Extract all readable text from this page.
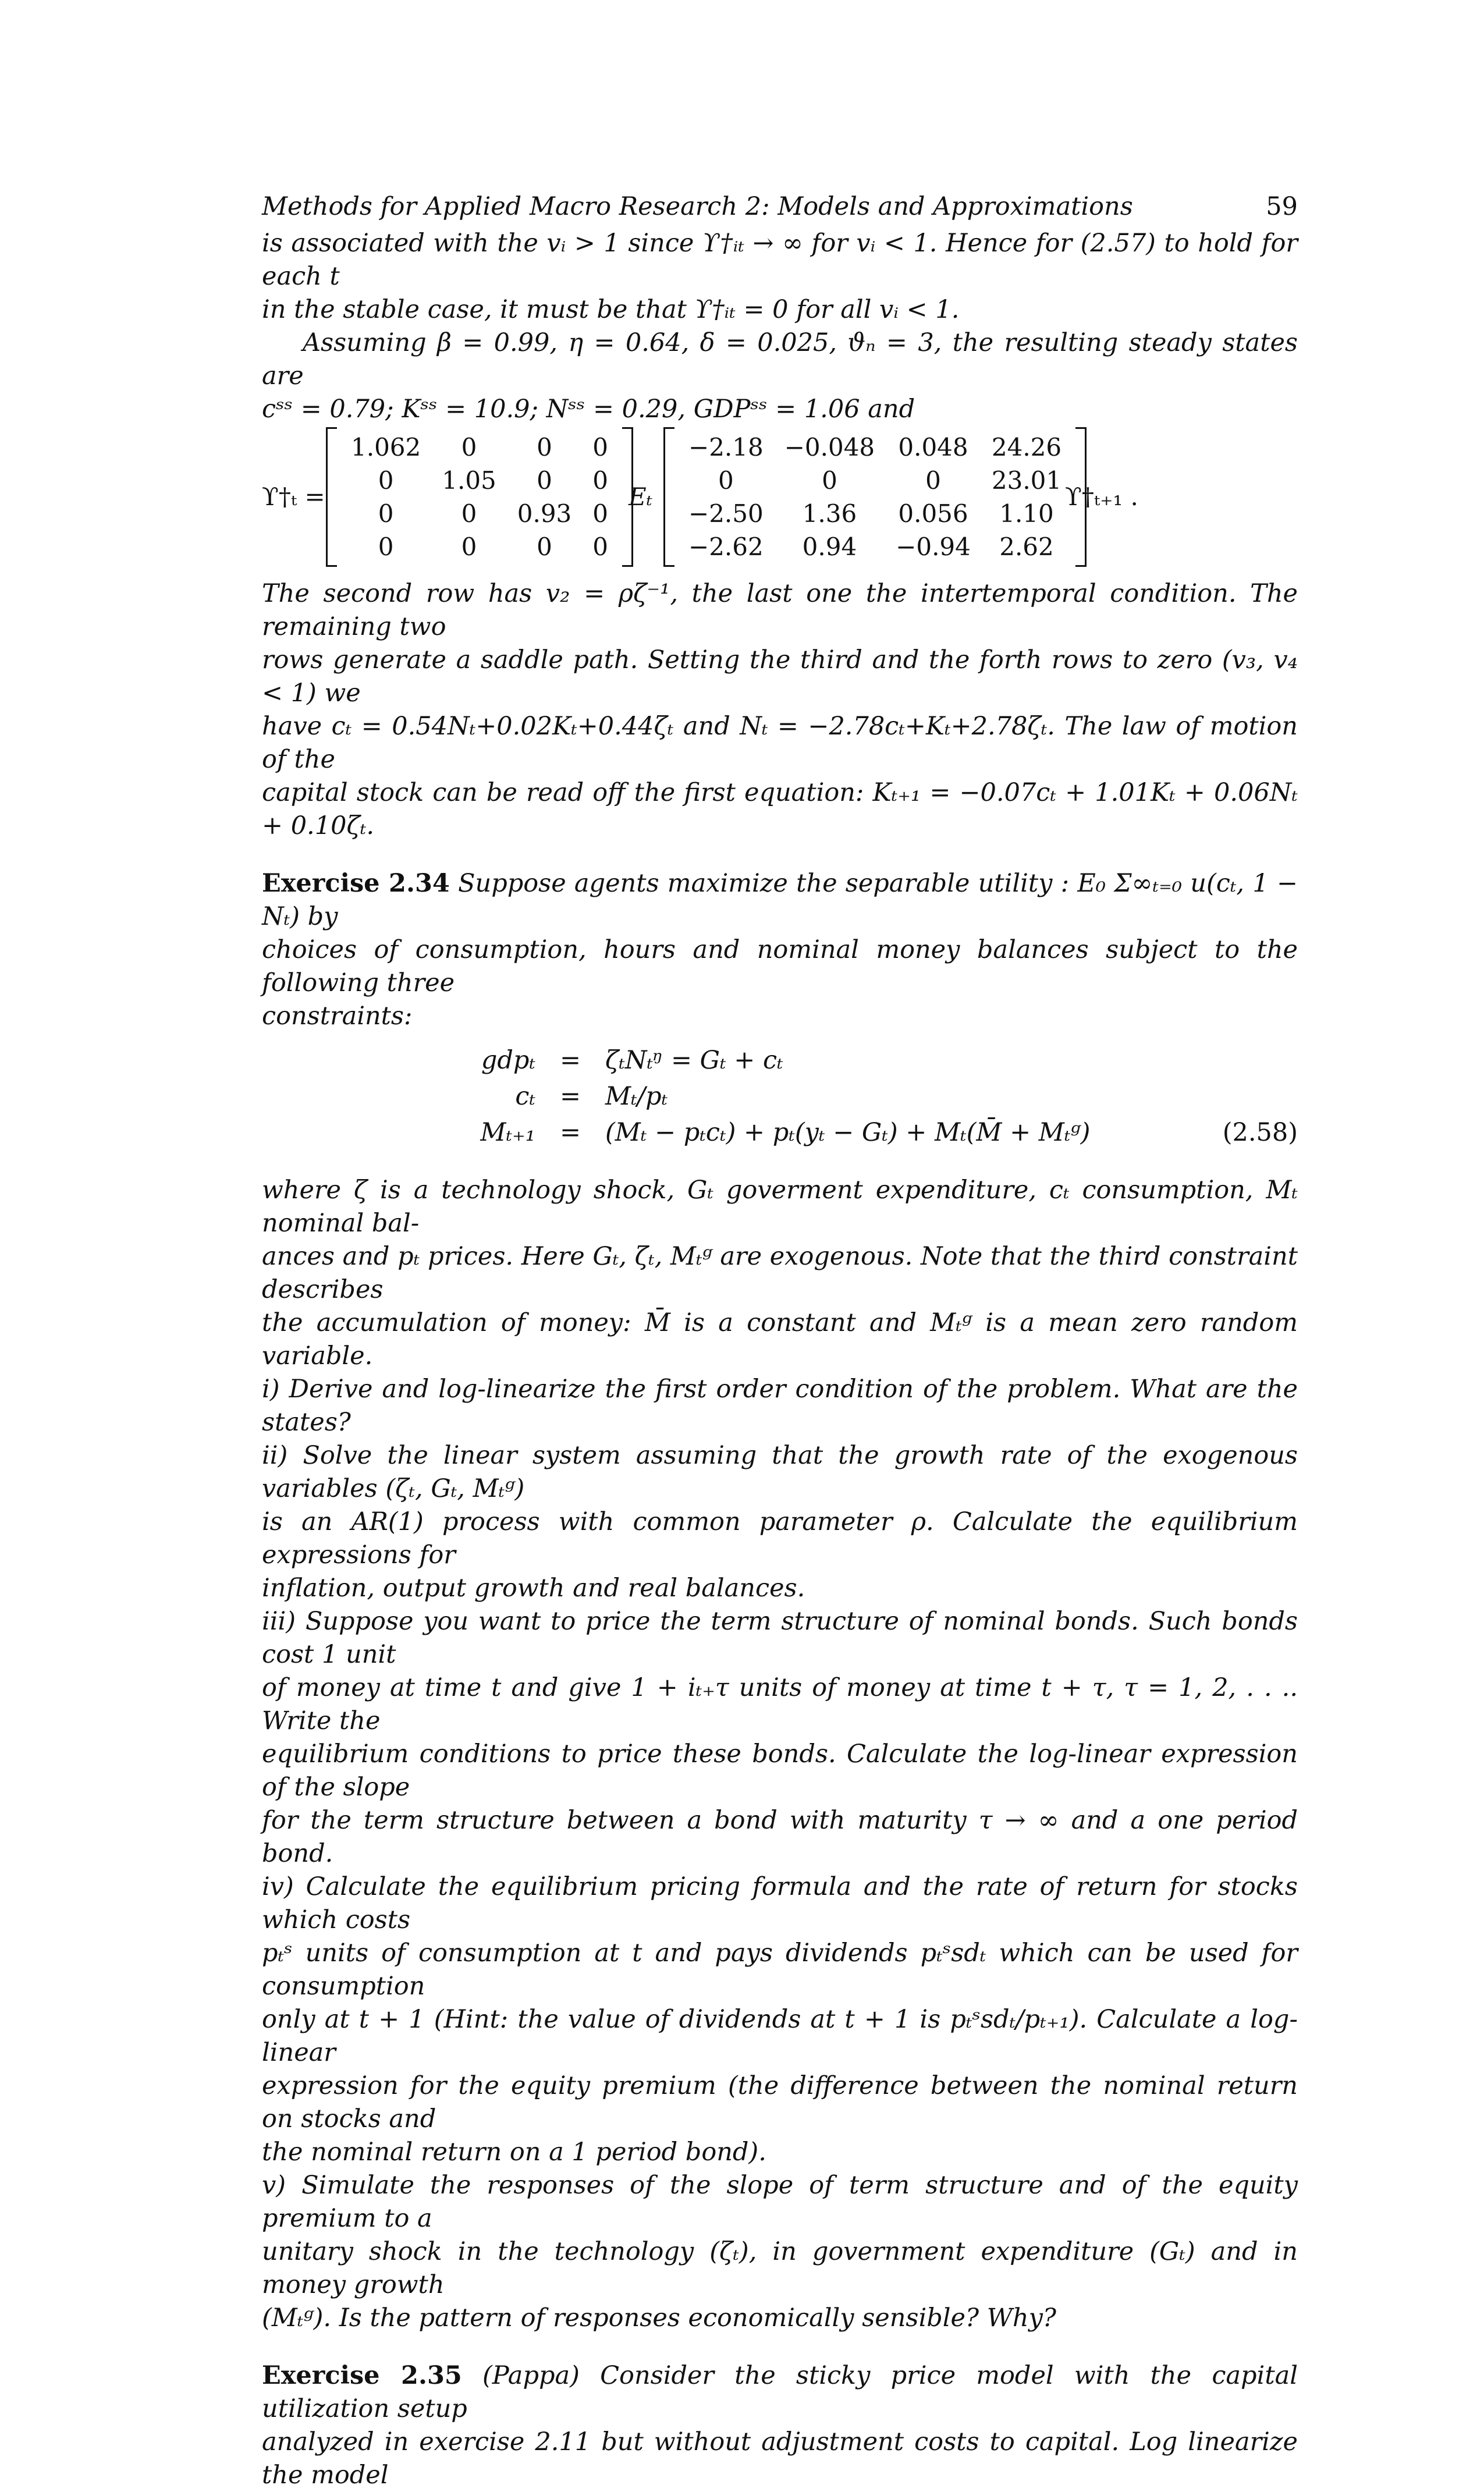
Methods for Applied Macro Research 2: Models and Approximations	59

is associated with the vᵢ > 1 since ϒ†ᵢₜ → ∞ for vᵢ < 1. Hence for (2.57) to hold for each t

in the stable case, it must be that ϒ†ᵢₜ = 0 for all vᵢ < 1.

Assuming β = 0.99, η = 0.64, δ = 0.025, ϑₙ = 3, the resulting steady states are

cˢˢ = 0.79; Kˢˢ = 10.9; Nˢˢ = 0.29, GDPˢˢ = 1.06 and

ϒ†ₜ =
1.062	0	0	0
0	1.05	0	0
0	0	0.93	0
0	0	0	0
Eₜ
−2.18	−0.048	0.048	24.26
0	0	0	23.01
−2.50	1.36	0.056	1.10
−2.62	0.94	−0.94	2.62
ϒ†ₜ₊₁ .

The second row has v₂ = ρζ⁻¹, the last one the intertemporal condition. The remaining two

rows generate a saddle path. Setting the third and the forth rows to zero (v₃, v₄ < 1) we

have cₜ = 0.54Nₜ+0.02Kₜ+0.44ζₜ and Nₜ = −2.78cₜ+Kₜ+2.78ζₜ. The law of motion of the

capital stock can be read off the first equation: Kₜ₊₁ = −0.07cₜ + 1.01Kₜ + 0.06Nₜ + 0.10ζₜ.

Exercise 2.34 Suppose agents maximize the separable utility : E₀ Σ∞ₜ₌₀ u(cₜ, 1 − Nₜ) by

choices of consumption, hours and nominal money balances subject to the following three

constraints:

gdpₜ = ζₜNₜᵑ = Gₜ + cₜ
cₜ = Mₜ/pₜ
Mₜ₊₁ = (Mₜ − pₜcₜ) + pₜ(yₜ − Gₜ) + Mₜ(M̄ + Mₜᵍ)	(2.58)

where ζ is a technology shock, Gₜ goverment expenditure, cₜ consumption, Mₜ nominal bal-

ances and pₜ prices. Here Gₜ, ζₜ, Mₜᵍ are exogenous. Note that the third constraint describes

the accumulation of money: M̄ is a constant and Mₜᵍ is a mean zero random variable.

i) Derive and log-linearize the first order condition of the problem. What are the states?

ii) Solve the linear system assuming that the growth rate of the exogenous variables (ζₜ, Gₜ, Mₜᵍ)

is an AR(1) process with common parameter ρ. Calculate the equilibrium expressions for

inflation, output growth and real balances.

iii) Suppose you want to price the term structure of nominal bonds. Such bonds cost 1 unit

of money at time t and give 1 + iₜ₊τ units of money at time t + τ, τ = 1, 2, . . .. Write the

equilibrium conditions to price these bonds. Calculate the log-linear expression of the slope

for the term structure between a bond with maturity τ → ∞ and a one period bond.

iv) Calculate the equilibrium pricing formula and the rate of return for stocks which costs

pₜˢ units of consumption at t and pays dividends pₜˢsdₜ which can be used for consumption

only at t + 1 (Hint: the value of dividends at t + 1 is pₜˢsdₜ/pₜ₊₁). Calculate a log-linear

expression for the equity premium (the difference between the nominal return on stocks and

the nominal return on a 1 period bond).

v) Simulate the responses of the slope of term structure and of the equity premium to a

unitary shock in the technology (ζₜ), in government expenditure (Gₜ) and in money growth

(Mₜᵍ). Is the pattern of responses economically sensible? Why?

Exercise 2.35 (Pappa) Consider the sticky price model with the capital utilization setup

analyzed in exercise 2.11 but without adjustment costs to capital. Log linearize the model
